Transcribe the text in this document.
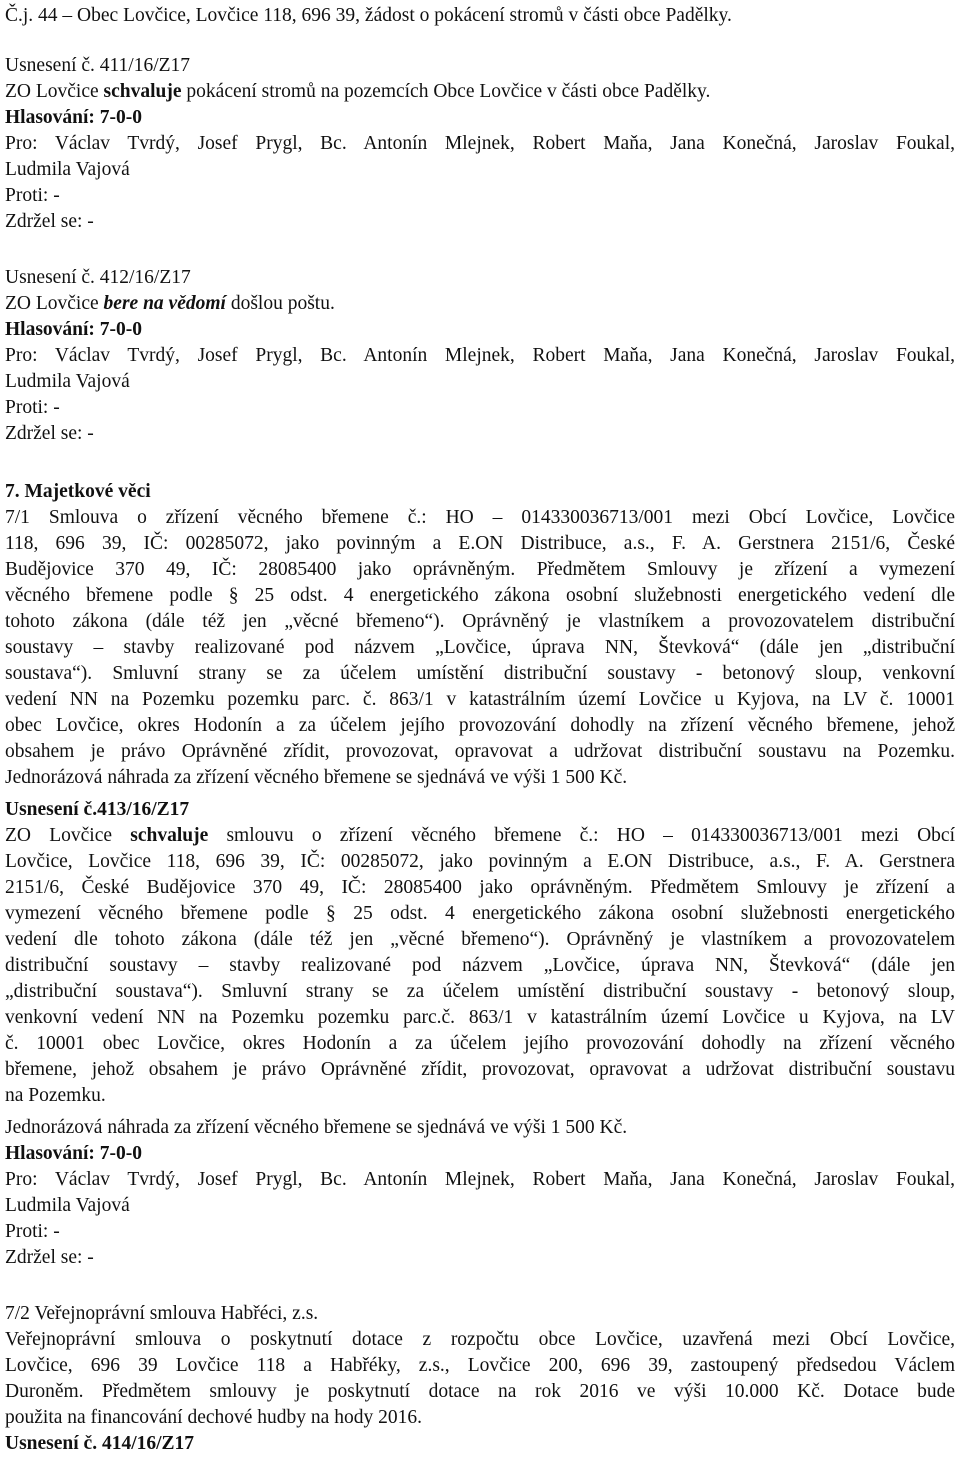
Č.j. 44 – Obec Lovčice, Lovčice 118, 696 39, žádost o pokácení stromů v části obce Padělky.
Usnesení č. 411/16/Z17
ZO Lovčice schvaluje pokácení stromů na pozemcích Obce Lovčice v části obce Padělky.
Hlasování: 7-0-0
Pro: Václav Tvrdý, Josef Prygl, Bc. Antonín Mlejnek, Robert Maňa, Jana Konečná, Jaroslav Foukal,
Ludmila Vajová
Proti: -
Zdržel se: -
Usnesení č. 412/16/Z17
ZO Lovčice bere na vědomí došlou poštu.
Hlasování: 7-0-0
Pro: Václav Tvrdý, Josef Prygl, Bc. Antonín Mlejnek, Robert Maňa, Jana Konečná, Jaroslav Foukal,
Ludmila Vajová
Proti: -
Zdržel se: -
7. Majetkové věci
7/1 Smlouva o zřízení věcného břemene č.: HO – 014330036713/001 mezi Obcí Lovčice, Lovčice
118, 696 39, IČ: 00285072, jako povinným a E.ON Distribuce, a.s., F. A. Gerstnera 2151/6, České
Budějovice 370 49, IČ: 28085400 jako oprávněným. Předmětem Smlouvy je zřízení a vymezení
věcného břemene podle § 25 odst. 4 energetického zákona osobní služebnosti energetického vedení dle
tohoto zákona (dále též jen „věcné břemeno“). Oprávněný je vlastníkem a provozovatelem distribuční
soustavy – stavby realizované pod názvem „Lovčice, úprava NN, Števková“ (dále jen „distribuční
soustava“). Smluvní strany se za účelem umístění distribuční soustavy - betonový sloup, venkovní
vedení NN na Pozemku pozemku parc. č. 863/1 v katastrálním území Lovčice u Kyjova, na LV č. 10001
obec Lovčice, okres Hodonín a za účelem jejího provozování dohodly na zřízení věcného břemene, jehož
obsahem je právo Oprávněné zřídit, provozovat, opravovat a udržovat distribuční soustavu na Pozemku.
Jednorázová náhrada za zřízení věcného břemene se sjednává ve výši 1 500 Kč.
Usnesení č.413/16/Z17
ZO Lovčice schvaluje smlouvu o zřízení věcného břemene č.: HO – 014330036713/001 mezi Obcí
Lovčice, Lovčice 118, 696 39, IČ: 00285072, jako povinným a E.ON Distribuce, a.s., F. A. Gerstnera
2151/6, České Budějovice 370 49, IČ: 28085400 jako oprávněným. Předmětem Smlouvy je zřízení a
vymezení věcného břemene podle § 25 odst. 4 energetického zákona osobní služebnosti energetického
vedení dle tohoto zákona (dále též jen „věcné břemeno“). Oprávněný je vlastníkem a provozovatelem
distribuční soustavy – stavby realizované pod názvem „Lovčice, úprava NN, Števková“ (dále jen
„distribuční soustava“). Smluvní strany se za účelem umístění distribuční soustavy - betonový sloup,
venkovní vedení NN na Pozemku pozemku parc.č. 863/1 v katastrálním území Lovčice u Kyjova, na LV
č. 10001 obec Lovčice, okres Hodonín a za účelem jejího provozování dohodly na zřízení věcného
břemene, jehož obsahem je právo Oprávněné zřídit, provozovat, opravovat a udržovat distribuční soustavu
na Pozemku.
Jednorázová náhrada za zřízení věcného břemene se sjednává ve výši 1 500 Kč.
Hlasování: 7-0-0
Pro: Václav Tvrdý, Josef Prygl, Bc. Antonín Mlejnek, Robert Maňa, Jana Konečná, Jaroslav Foukal,
Ludmila Vajová
Proti: -
Zdržel se: -
7/2 Veřejnoprávní smlouva Habřéci, z.s.
Veřejnoprávní smlouva o poskytnutí dotace z rozpočtu obce Lovčice, uzavřená mezi Obcí Lovčice,
Lovčice, 696 39 Lovčice 118 a Habřéky, z.s., Lovčice 200, 696 39, zastoupený předsedou Václem
Duroněm. Předmětem smlouvy je poskytnutí dotace na rok 2016 ve výši 10.000 Kč. Dotace bude
použita na financování dechové hudby na hody 2016.
Usnesení č. 414/16/Z17
